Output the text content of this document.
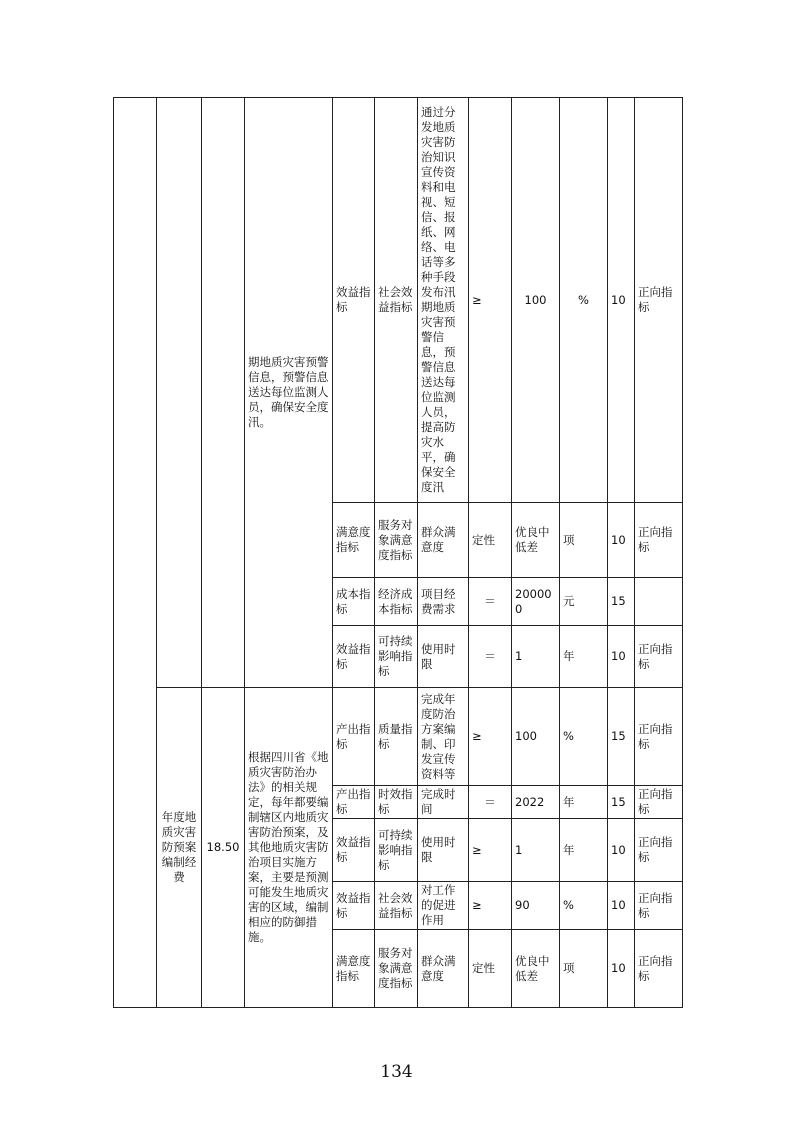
			期地质灾害预警信息，预警信息送达每位监测人员，确保安全度汛。	效益指标	社会效益指标	通过分发地质灾害防治知识宣传资料和电视、短信、报纸、网络、电话等多种手段发布汛期地质灾害预警信息，预警信息送达每位监测人员，提高防灾水平，确保安全度汛	≥	100	%	10	正向指标
				满意度指标	服务对象满意度指标	群众满意度	定性	优良中低差	项	10	正向指标
				成本指标	经济成本指标	项目经费需求	＝	200000	元	15	
				效益指标	可持续影响指标	使用时限	＝	1	年	10	正向指标
	年度地质灾害防预案编制经费	18.50	根据四川省《地质灾害防治办法》的相关规定，每年都要编制辖区内地质灾害防治预案，及其他地质灾害防治项目实施方案，主要是预测可能发生地质灾害的区域，编制相应的防御措施。	产出指标	质量指标	完成年度防治方案编制、印发宣传资料等	≥	100	%	15	正向指标
				产出指标	时效指标	完成时间	＝	2022	年	15	正向指标
				效益指标	可持续影响指标	使用时限	≥	1	年	10	正向指标
				效益指标	社会效益指标	对工作的促进作用	≥	90	%	10	正向指标
				满意度指标	服务对象满意度指标	群众满意度	定性	优良中低差	项	10	正向指标
134
